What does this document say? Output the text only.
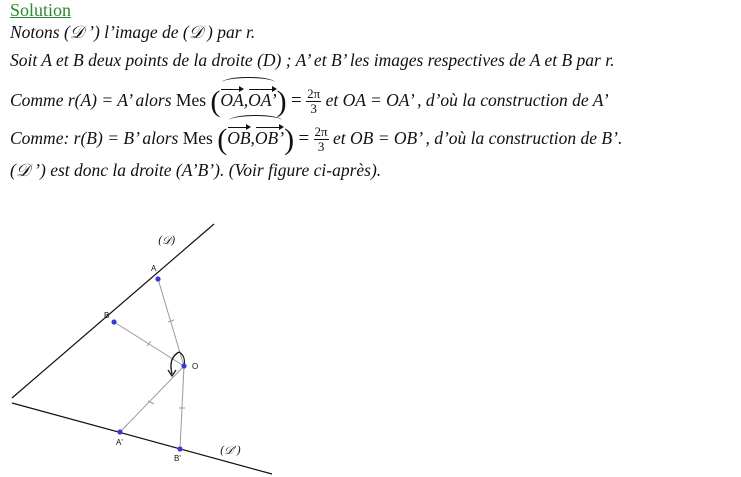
Solution
Notons (𝒟 ’) l’image de (𝒟 ) par r.
Soit A et B deux points de la droite (D) ; A’ et B’ les images respectives de A et B par r.
Comme r(A) = A’ alors Mes (
OA,OA’) = $\frac{2\pi}{3}$ et OA = OA’ , d’où la construction de A’
Comme: r(B) = B’ alors Mes (
OB,OB’) = $\frac{2\pi}{3}$ et OB = OB’ , d’où la construction de B’.
(𝒟 ’) est donc la droite (A’B’). (Voir figure ci-après).
A
B
O
A'
B'
(𝒟)
(𝒟’)
